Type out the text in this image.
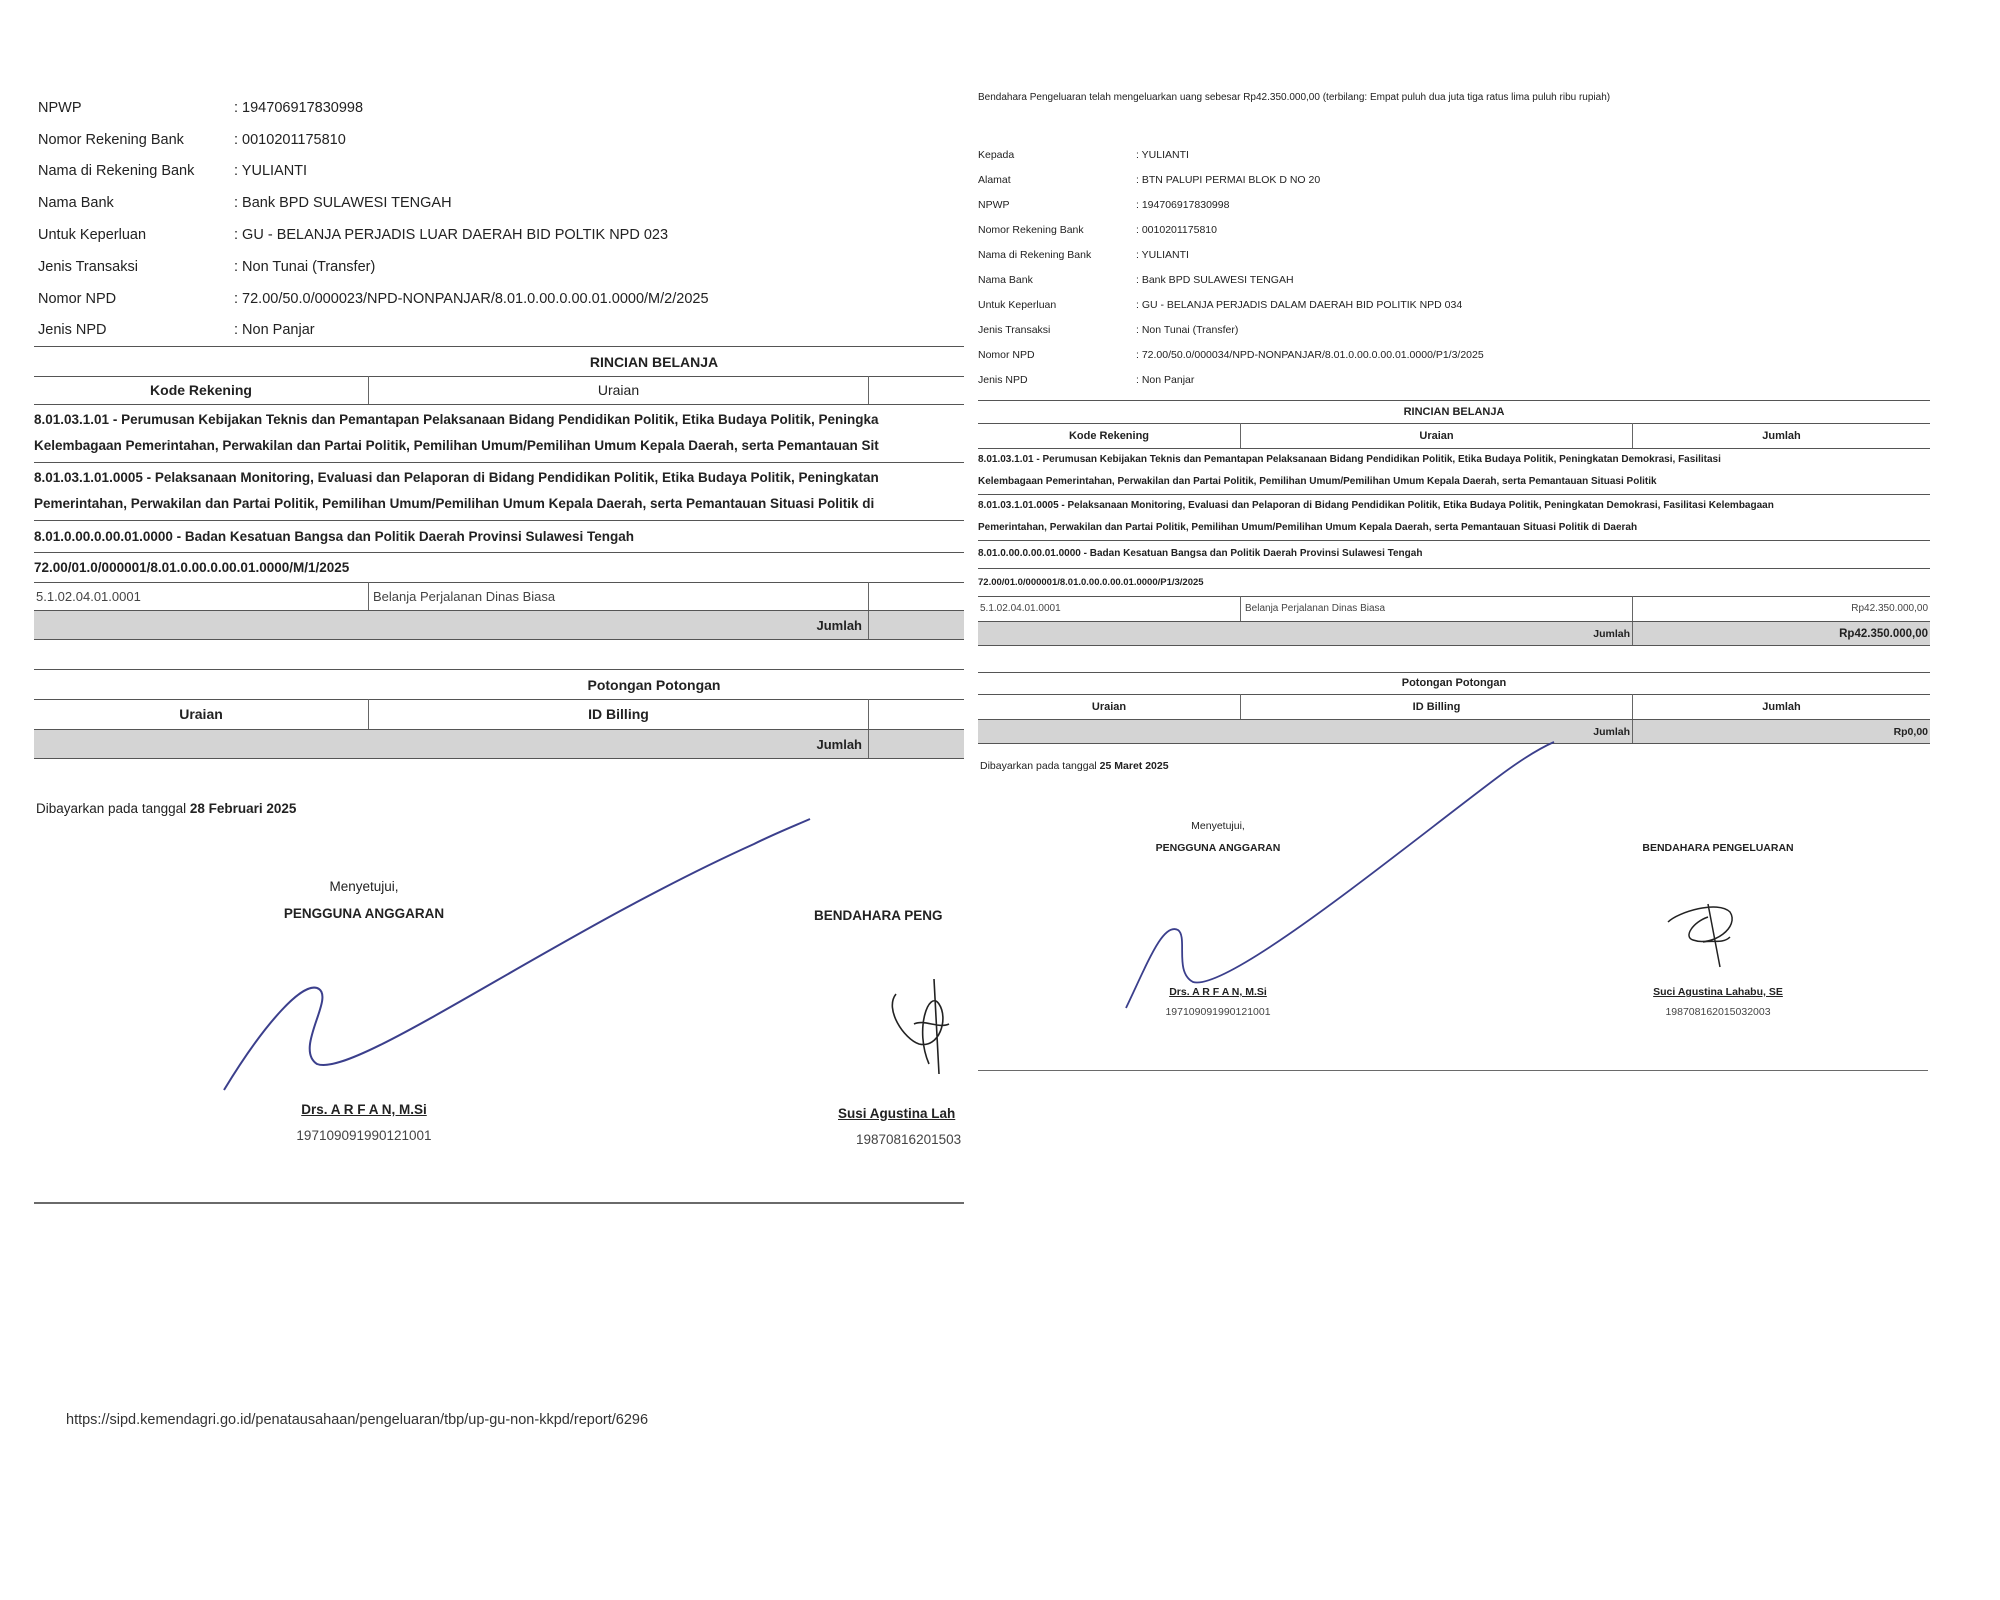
NPWP	: 194706917830998
Nomor Rekening Bank	: 0010201175810
Nama di Rekening Bank	: YULIANTI
Nama Bank	: Bank BPD SULAWESI TENGAH
Untuk Keperluan	: GU - BELANJA PERJADIS LUAR DAERAH BID POLTIK NPD 023
Jenis Transaksi	: Non Tunai (Transfer)
Nomor NPD	: 72.00/50.0/000023/NPD-NONPANJAR/8.01.0.00.0.00.01.0000/M/2/2025
Jenis NPD	: Non Panjar
RINCIAN BELANJA
Kode Rekening	Uraian
8.01.03.1.01 - Perumusan Kebijakan Teknis dan Pemantapan Pelaksanaan Bidang Pendidikan Politik, Etika Budaya Politik, Peningka
Kelembagaan Pemerintahan, Perwakilan dan Partai Politik, Pemilihan Umum/Pemilihan Umum Kepala Daerah, serta Pemantauan Sit
8.01.03.1.01.0005 - Pelaksanaan Monitoring, Evaluasi dan Pelaporan di Bidang Pendidikan Politik, Etika Budaya Politik, Peningkatan
Pemerintahan, Perwakilan dan Partai Politik, Pemilihan Umum/Pemilihan Umum Kepala Daerah, serta Pemantauan Situasi Politik di
8.01.0.00.0.00.01.0000 - Badan Kesatuan Bangsa dan Politik Daerah Provinsi Sulawesi Tengah
72.00/01.0/000001/8.01.0.00.0.00.01.0000/M/1/2025
5.1.02.04.01.0001	Belanja Perjalanan Dinas Biasa
Jumlah
Potongan Potongan
Uraian	ID Billing
Jumlah
Dibayarkan pada tanggal 28 Februari 2025
Menyetujui,
PENGGUNA ANGGARAN	BENDAHARA PENG
Drs. A R F A N, M.Si
197109091990121001
Susi Agustina Lah
19870816201503
Bendahara Pengeluaran telah mengeluarkan uang sebesar Rp42.350.000,00 (terbilang: Empat puluh dua juta tiga ratus lima puluh ribu rupiah)
Kepada	: YULIANTI
Alamat	: BTN PALUPI PERMAI BLOK D NO 20
NPWP	: 194706917830998
Nomor Rekening Bank	: 0010201175810
Nama di Rekening Bank	: YULIANTI
Nama Bank	: Bank BPD SULAWESI TENGAH
Untuk Keperluan	: GU - BELANJA PERJADIS DALAM DAERAH BID POLITIK NPD 034
Jenis Transaksi	: Non Tunai (Transfer)
Nomor NPD	: 72.00/50.0/000034/NPD-NONPANJAR/8.01.0.00.0.00.01.0000/P1/3/2025
Jenis NPD	: Non Panjar
RINCIAN BELANJA
Kode Rekening	Uraian	Jumlah
8.01.03.1.01 - Perumusan Kebijakan Teknis dan Pemantapan Pelaksanaan Bidang Pendidikan Politik, Etika Budaya Politik, Peningkatan Demokrasi, Fasilitasi
Kelembagaan Pemerintahan, Perwakilan dan Partai Politik, Pemilihan Umum/Pemilihan Umum Kepala Daerah, serta Pemantauan Situasi Politik
8.01.03.1.01.0005 - Pelaksanaan Monitoring, Evaluasi dan Pelaporan di Bidang Pendidikan Politik, Etika Budaya Politik, Peningkatan Demokrasi, Fasilitasi Kelembagaan
Pemerintahan, Perwakilan dan Partai Politik, Pemilihan Umum/Pemilihan Umum Kepala Daerah, serta Pemantauan Situasi Politik di Daerah
8.01.0.00.0.00.01.0000 - Badan Kesatuan Bangsa dan Politik Daerah Provinsi Sulawesi Tengah
72.00/01.0/000001/8.01.0.00.0.00.01.0000/P1/3/2025
5.1.02.04.01.0001	Belanja Perjalanan Dinas Biasa	Rp42.350.000,00
Jumlah	Rp42.350.000,00
Potongan Potongan
Uraian	ID Billing	Jumlah
Jumlah	Rp0,00
Dibayarkan pada tanggal 25 Maret 2025
Menyetujui,
PENGGUNA ANGGARAN	BENDAHARA PENGELUARAN
Drs. A R F A N, M.Si
197109091990121001
Suci Agustina Lahabu, SE
198708162015032003
https://sipd.kemendagri.go.id/penatausahaan/pengeluaran/tbp/up-gu-non-kkpd/report/6296
